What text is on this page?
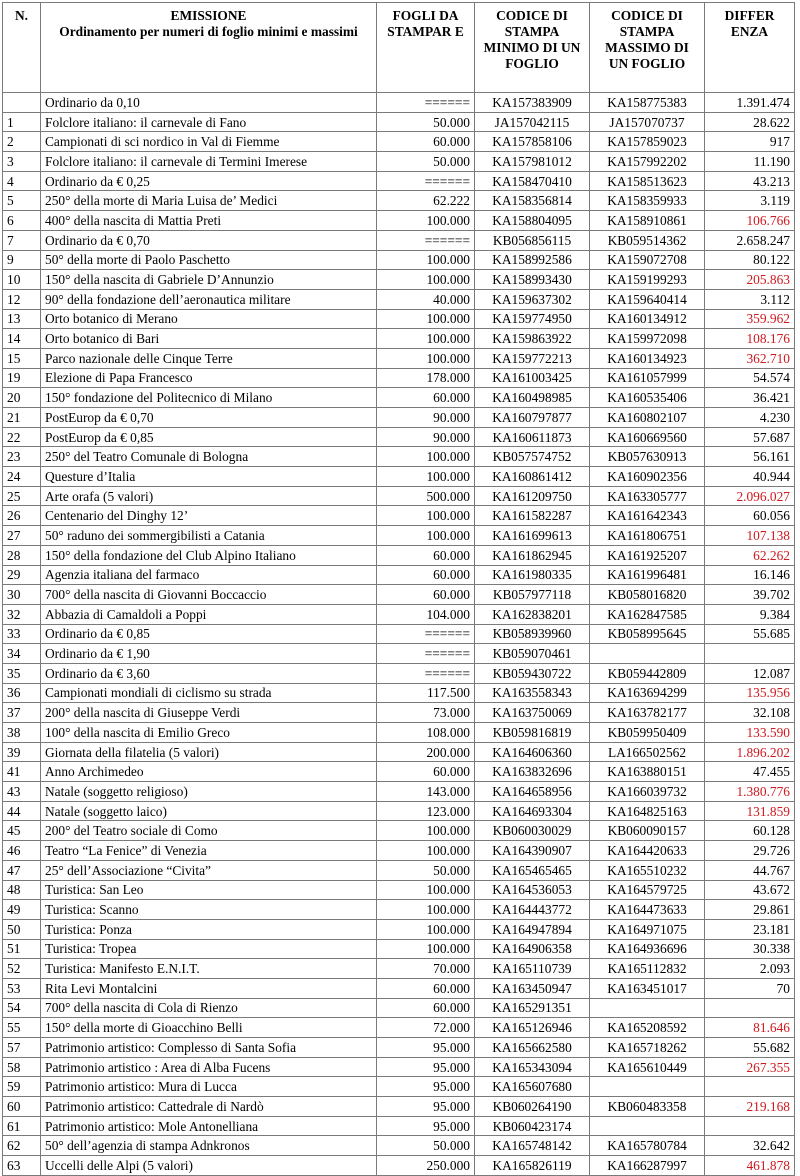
N.	EMISSIONE
Ordinamento per numeri di foglio minimi e massimi	FOGLI DA STAMPAR E	CODICE DI STAMPA MINIMO DI UN FOGLIO	CODICE DI STAMPA MASSIMO DI UN FOGLIO	DIFFER ENZA
	Ordinario da 0,10	======	KA157383909	KA158775383	1.391.474
1	Folclore italiano: il carnevale di Fano	50.000	JA157042115	JA157070737	28.622
2	Campionati di sci nordico in Val di Fiemme	60.000	KA157858106	KA157859023	917
3	Folclore italiano: il carnevale di Termini Imerese	50.000	KA157981012	KA157992202	11.190
4	Ordinario da € 0,25	======	KA158470410	KA158513623	43.213
5	250° della morte di Maria Luisa de’ Medici	62.222	KA158356814	KA158359933	3.119
6	400° della nascita di Mattia Preti	100.000	KA158804095	KA158910861	106.766
7	Ordinario da € 0,70	======	KB056856115	KB059514362	2.658.247
9	50° della morte di Paolo Paschetto	100.000	KA158992586	KA159072708	80.122
10	150° della nascita di Gabriele D’Annunzio	100.000	KA158993430	KA159199293	205.863
12	90° della fondazione dell’aeronautica militare	40.000	KA159637302	KA159640414	3.112
13	Orto botanico di Merano	100.000	KA159774950	KA160134912	359.962
14	Orto botanico di Bari	100.000	KA159863922	KA159972098	108.176
15	Parco nazionale delle Cinque Terre	100.000	KA159772213	KA160134923	362.710
19	Elezione di Papa Francesco	178.000	KA161003425	KA161057999	54.574
20	150° fondazione del Politecnico di Milano	60.000	KA160498985	KA160535406	36.421
21	PostEurop da € 0,70	90.000	KA160797877	KA160802107	4.230
22	PostEurop da € 0,85	90.000	KA160611873	KA160669560	57.687
23	250° del Teatro Comunale di Bologna	100.000	KB057574752	KB057630913	56.161
24	Questure d’Italia	100.000	KA160861412	KA160902356	40.944
25	Arte orafa (5 valori)	500.000	KA161209750	KA163305777	2.096.027
26	Centenario del Dinghy 12’	100.000	KA161582287	KA161642343	60.056
27	50° raduno dei sommergibilisti a Catania	100.000	KA161699613	KA161806751	107.138
28	150° della fondazione del Club Alpino Italiano	60.000	KA161862945	KA161925207	62.262
29	Agenzia italiana del farmaco	60.000	KA161980335	KA161996481	16.146
30	700° della nascita di Giovanni Boccaccio	60.000	KB057977118	KB058016820	39.702
32	Abbazia di Camaldoli a Poppi	104.000	KA162838201	KA162847585	9.384
33	Ordinario da € 0,85	======	KB058939960	KB058995645	55.685
34	Ordinario da € 1,90	======	KB059070461		
35	Ordinario da € 3,60	======	KB059430722	KB059442809	12.087
36	Campionati mondiali di ciclismo su strada	117.500	KA163558343	KA163694299	135.956
37	200° della nascita di Giuseppe Verdi	73.000	KA163750069	KA163782177	32.108
38	100° della nascita di Emilio Greco	108.000	KB059816819	KB059950409	133.590
39	Giornata della filatelia (5 valori)	200.000	KA164606360	LA166502562	1.896.202
41	Anno Archimedeo	60.000	KA163832696	KA163880151	47.455
43	Natale (soggetto religioso)	143.000	KA164658956	KA166039732	1.380.776
44	Natale (soggetto laico)	123.000	KA164693304	KA164825163	131.859
45	200° del Teatro sociale di Como	100.000	KB060030029	KB060090157	60.128
46	Teatro “La Fenice” di Venezia	100.000	KA164390907	KA164420633	29.726
47	25° dell’Associazione “Civita”	50.000	KA165465465	KA165510232	44.767
48	Turistica: San Leo	100.000	KA164536053	KA164579725	43.672
49	Turistica: Scanno	100.000	KA164443772	KA164473633	29.861
50	Turistica: Ponza	100.000	KA164947894	KA164971075	23.181
51	Turistica: Tropea	100.000	KA164906358	KA164936696	30.338
52	Turistica: Manifesto E.N.I.T.	70.000	KA165110739	KA165112832	2.093
53	Rita Levi Montalcini	60.000	KA163450947	KA163451017	70
54	700° della nascita di Cola di Rienzo	60.000	KA165291351		
55	150° della morte di Gioacchino Belli	72.000	KA165126946	KA165208592	81.646
57	Patrimonio artistico: Complesso di Santa Sofia	95.000	KA165662580	KA165718262	55.682
58	Patrimonio artistico : Area di Alba Fucens	95.000	KA165343094	KA165610449	267.355
59	Patrimonio artistico: Mura di Lucca	95.000	KA165607680		
60	Patrimonio artistico: Cattedrale di Nardò	95.000	KB060264190	KB060483358	219.168
61	Patrimonio artistico: Mole Antonelliana	95.000	KB060423174		
62	50° dell’agenzia di stampa Adnkronos	50.000	KA165748142	KA165780784	32.642
63	Uccelli delle Alpi (5 valori)	250.000	KA165826119	KA166287997	461.878
